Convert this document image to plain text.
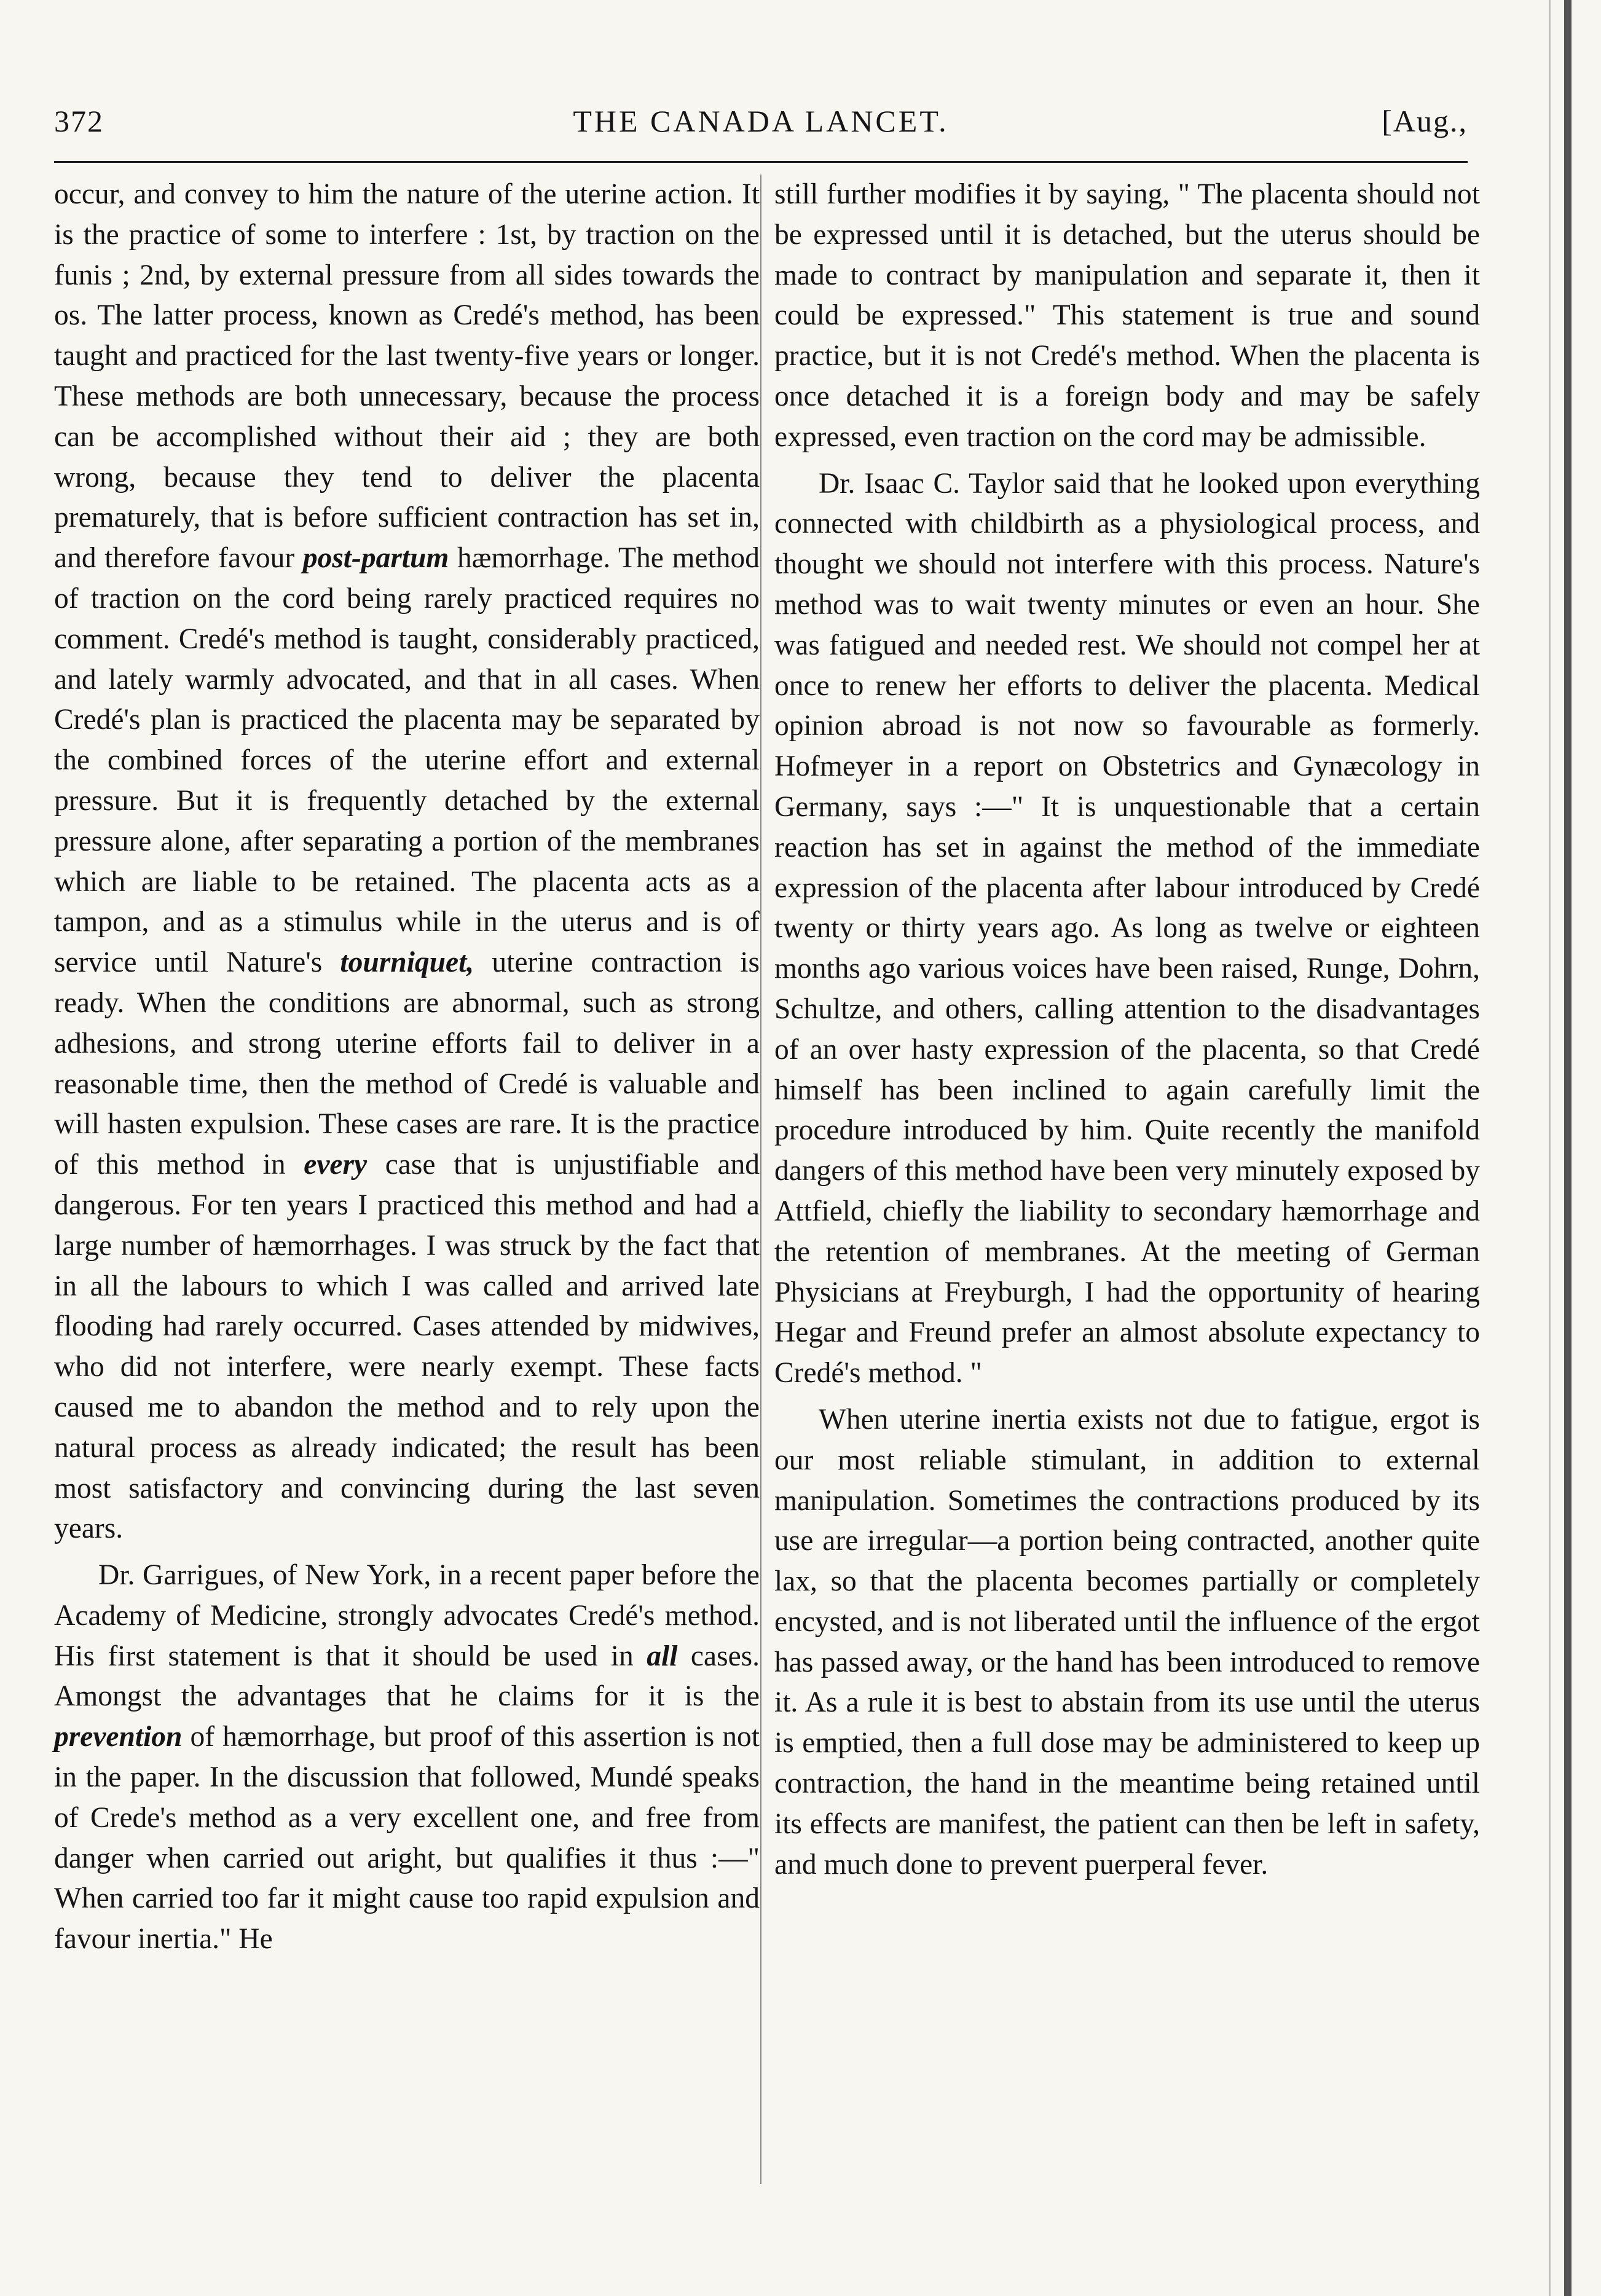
372	THE CANADA LANCET.	[Aug.,

occur, and convey to him the nature of the uterine action. It is the practice of some to interfere : 1st, by traction on the funis ; 2nd, by external pressure from all sides towards the os. The latter process, known as Credé's method, has been taught and practiced for the last twenty-five years or longer. These methods are both unnecessary, because the process can be accomplished without their aid ; they are both wrong, because they tend to deliver the placenta prematurely, that is before sufficient contraction has set in, and therefore favour post-partum hæmorrhage. The method of traction on the cord being rarely practiced requires no comment. Credé's method is taught, considerably practiced, and lately warmly advocated, and that in all cases. When Credé's plan is practiced the placenta may be separated by the combined forces of the uterine effort and external pressure. But it is frequently detached by the external pressure alone, after separating a portion of the membranes which are liable to be retained. The placenta acts as a tampon, and as a stimulus while in the uterus and is of service until Nature's tourniquet, uterine contraction is ready. When the conditions are abnormal, such as strong adhesions, and strong uterine efforts fail to deliver in a reasonable time, then the method of Credé is valuable and will hasten expulsion. These cases are rare. It is the practice of this method in every case that is unjustifiable and dangerous. For ten years I practiced this method and had a large number of hæmorrhages. I was struck by the fact that in all the labours to which I was called and arrived late flooding had rarely occurred. Cases attended by midwives, who did not interfere, were nearly exempt. These facts caused me to abandon the method and to rely upon the natural process as already indicated; the result has been most satisfactory and convincing during the last seven years.

Dr. Garrigues, of New York, in a recent paper before the Academy of Medicine, strongly advocates Credé's method. His first statement is that it should be used in all cases. Amongst the advantages that he claims for it is the prevention of hæmorrhage, but proof of this assertion is not in the paper. In the discussion that followed, Mundé speaks of Crede's method as a very excellent one, and free from danger when carried out aright, but qualifies it thus :—" When carried too far it might cause too rapid expulsion and favour inertia." He

still further modifies it by saying, " The placenta should not be expressed until it is detached, but the uterus should be made to contract by manipulation and separate it, then it could be expressed." This statement is true and sound practice, but it is not Credé's method. When the placenta is once detached it is a foreign body and may be safely expressed, even traction on the cord may be admissible.

Dr. Isaac C. Taylor said that he looked upon everything connected with childbirth as a physiological process, and thought we should not interfere with this process. Nature's method was to wait twenty minutes or even an hour. She was fatigued and needed rest. We should not compel her at once to renew her efforts to deliver the placenta. Medical opinion abroad is not now so favourable as formerly. Hofmeyer in a report on Obstetrics and Gynæcology in Germany, says :—" It is unquestionable that a certain reaction has set in against the method of the immediate expression of the placenta after labour introduced by Credé twenty or thirty years ago. As long as twelve or eighteen months ago various voices have been raised, Runge, Dohrn, Schultze, and others, calling attention to the disadvantages of an over hasty expression of the placenta, so that Credé himself has been inclined to again carefully limit the procedure introduced by him. Quite recently the manifold dangers of this method have been very minutely exposed by Attfield, chiefly the liability to secondary hæmorrhage and the retention of membranes. At the meeting of German Physicians at Freyburgh, I had the opportunity of hearing Hegar and Freund prefer an almost absolute expectancy to Credé's method. "

When uterine inertia exists not due to fatigue, ergot is our most reliable stimulant, in addition to external manipulation. Sometimes the contractions produced by its use are irregular—a portion being contracted, another quite lax, so that the placenta becomes partially or completely encysted, and is not liberated until the influence of the ergot has passed away, or the hand has been introduced to remove it. As a rule it is best to abstain from its use until the uterus is emptied, then a full dose may be administered to keep up contraction, the hand in the meantime being retained until its effects are manifest, the patient can then be left in safety, and much done to prevent puerperal fever.
